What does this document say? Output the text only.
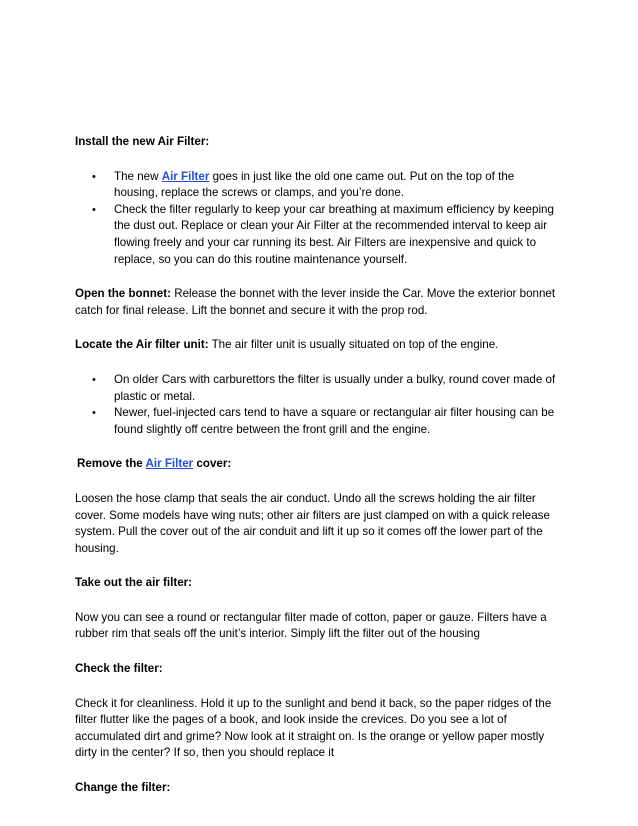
Install the new Air Filter:

• The new Air Filter goes in just like the old one came out. Put on the top of the housing, replace the screws or clamps, and you’re done.
• Check the filter regularly to keep your car breathing at maximum efficiency by keeping the dust out. Replace or clean your Air Filter at the recommended interval to keep air flowing freely and your car running its best. Air Filters are inexpensive and quick to replace, so you can do this routine maintenance yourself.

Open the bonnet: Release the bonnet with the lever inside the Car. Move the exterior bonnet catch for final release. Lift the bonnet and secure it with the prop rod.

Locate the Air filter unit: The air filter unit is usually situated on top of the engine.

• On older Cars with carburettors the filter is usually under a bulky, round cover made of plastic or metal.
• Newer, fuel-injected cars tend to have a square or rectangular air filter housing can be found slightly off centre between the front grill and the engine.

Remove the Air Filter cover:

Loosen the hose clamp that seals the air conduct. Undo all the screws holding the air filter cover. Some models have wing nuts; other air filters are just clamped on with a quick release system. Pull the cover out of the air conduit and lift it up so it comes off the lower part of the housing.

Take out the air filter:

Now you can see a round or rectangular filter made of cotton, paper or gauze. Filters have a rubber rim that seals off the unit’s interior. Simply lift the filter out of the housing

Check the filter:

Check it for cleanliness. Hold it up to the sunlight and bend it back, so the paper ridges of the filter flutter like the pages of a book, and look inside the crevices. Do you see a lot of accumulated dirt and grime? Now look at it straight on. Is the orange or yellow paper mostly dirty in the center? If so, then you should replace it

Change the filter:
